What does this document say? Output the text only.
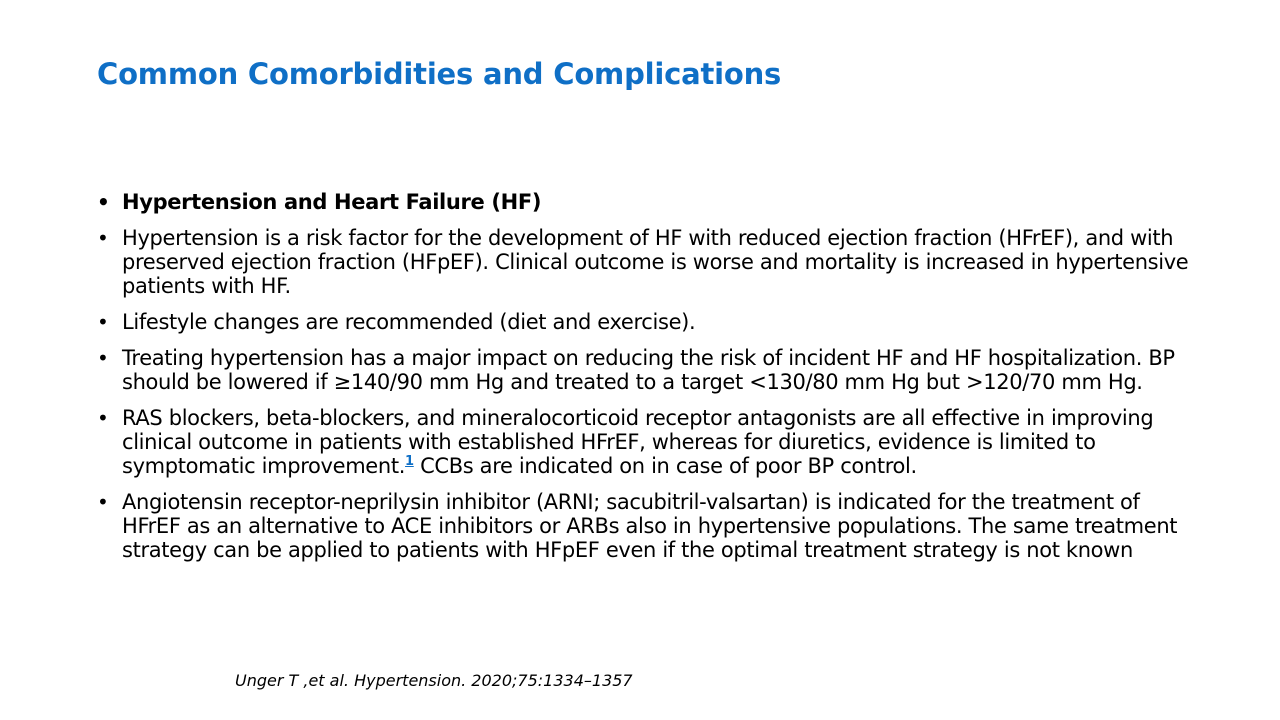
Common Comorbidities and Complications
• Hypertension and Heart Failure (HF)
• Hypertension is a risk factor for the development of HF with reduced ejection fraction (HFrEF), and with preserved ejection fraction (HFpEF). Clinical outcome is worse and mortality is increased in hypertensive patients with HF.
• Lifestyle changes are recommended (diet and exercise).
• Treating hypertension has a major impact on reducing the risk of incident HF and HF hospitalization. BP should be lowered if ≥140/90 mm Hg and treated to a target <130/80 mm Hg but >120/70 mm Hg.
• RAS blockers, beta-blockers, and mineralocorticoid receptor antagonists are all effective in improving clinical outcome in patients with established HFrEF, whereas for diuretics, evidence is limited to symptomatic improvement.$^1$ CCBs are indicated on in case of poor BP control.
• Angiotensin receptor-neprilysin inhibitor (ARNI; sacubitril-valsartan) is indicated for the treatment of HFrEF as an alternative to ACE inhibitors or ARBs also in hypertensive populations. The same treatment strategy can be applied to patients with HFpEF even if the optimal treatment strategy is not known

Unger T ,et al. Hypertension. 2020;75:1334–1357
